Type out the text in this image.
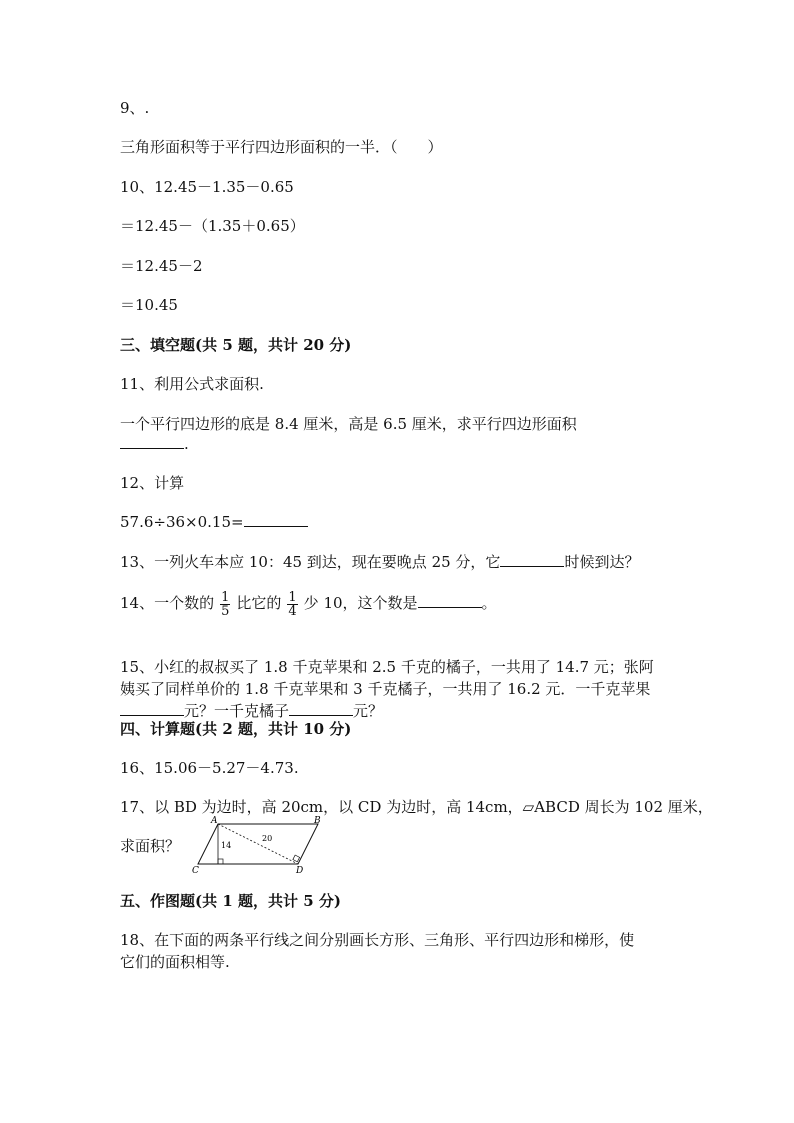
9、.
三角形面积等于平行四边形面积的一半．（　　）
10、12.45－1.35－0.65
＝12.45－（1.35＋0.65）
＝12.45－2
＝10.45
三、填空题(共 5 题，共计 20 分)
11、利用公式求面积.
一个平行四边形的底是 8.4 厘米，高是 6.5 厘米，求平行四边形面积
.
12、计算
57.6÷36×0.15=
13、一列火车本应 10：45 到达，现在要晚点 25 分，它	时候到达？
14、一个数的 $\frac{1}{5}$ 比它的 $\frac{1}{4}$ 少 10，这个数是	。
15、小红的叔叔买了 1.8 千克苹果和 2.5 千克的橘子，一共用了 14.7 元；张阿
姨买了同样单价的 1.8 千克苹果和 3 千克橘子，一共用了 16.2 元．一千克苹果
元？一千克橘子	元？
四、计算题(共 2 题，共计 10 分)
16、15.06－5.27－4.73.
17、以 BD 为边时，高 20cm，以 CD 为边时，高 14cm，▱ABCD 周长为 102 厘米，
求面积？
A	B
C	D
14
20
五、作图题(共 1 题，共计 5 分)
18、在下面的两条平行线之间分别画长方形、三角形、平行四边形和梯形，使
它们的面积相等.
